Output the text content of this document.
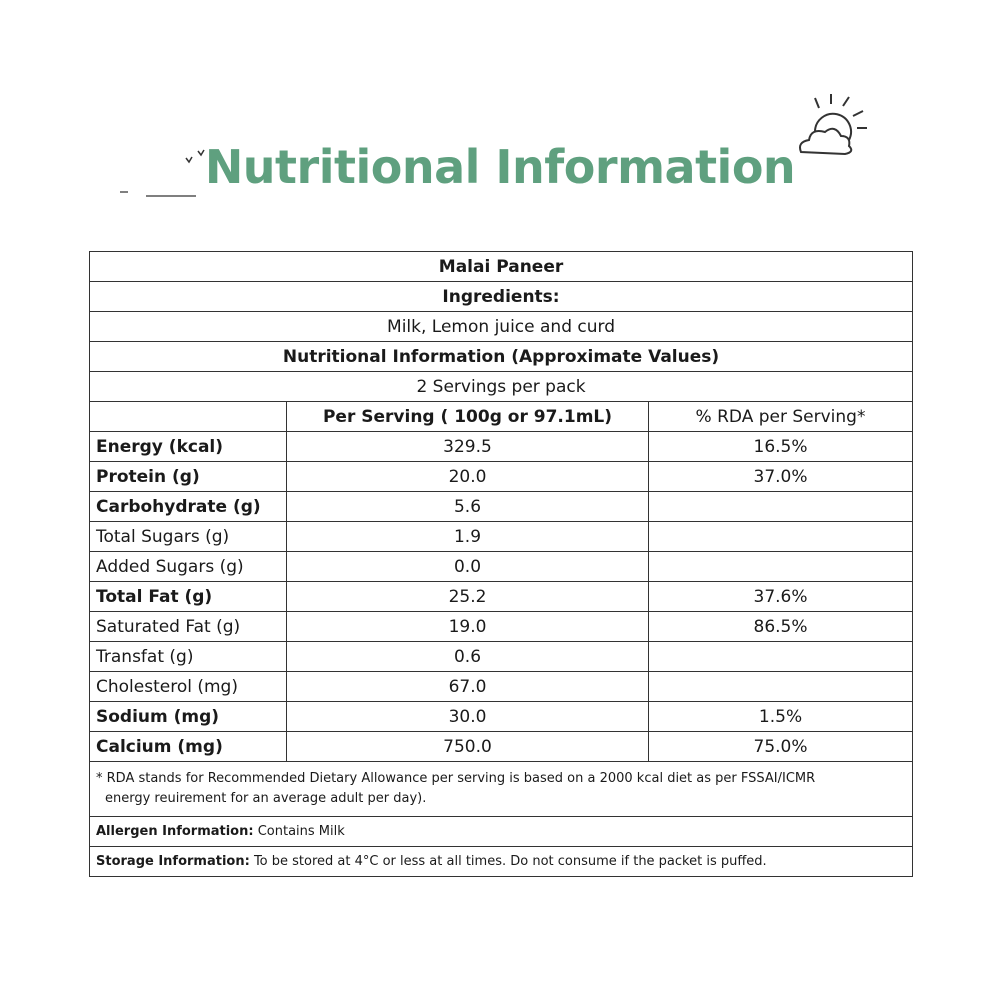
Nutritional Information
Malai Paneer		
Ingredients:		
Milk, Lemon juice and curd		
Nutritional Information (Approximate Values)		
2 Servings per pack		
	Per Serving ( 100g or 97.1mL)	% RDA per Serving*
Energy (kcal)	329.5	16.5%
Protein (g)	20.0	37.0%
Carbohydrate (g)	5.6	
Total Sugars (g)	1.9	
Added Sugars (g)	0.0	
Total Fat (g)	25.2	37.6%
Saturated Fat (g)	19.0	86.5%
Transfat (g)	0.6	
Cholesterol (mg)	67.0	
Sodium (mg)	30.0	1.5%
Calcium (mg)	750.0	75.0%
* RDA stands for Recommended Dietary Allowance per serving is based on a 2000 kcal diet as per FSSAI/ICMR
energy reuirement for an average adult per day).		

Allergen Information: Contains Milk		
Storage Information: To be stored at 4°C or less at all times. Do not consume if the packet is puffed.		
